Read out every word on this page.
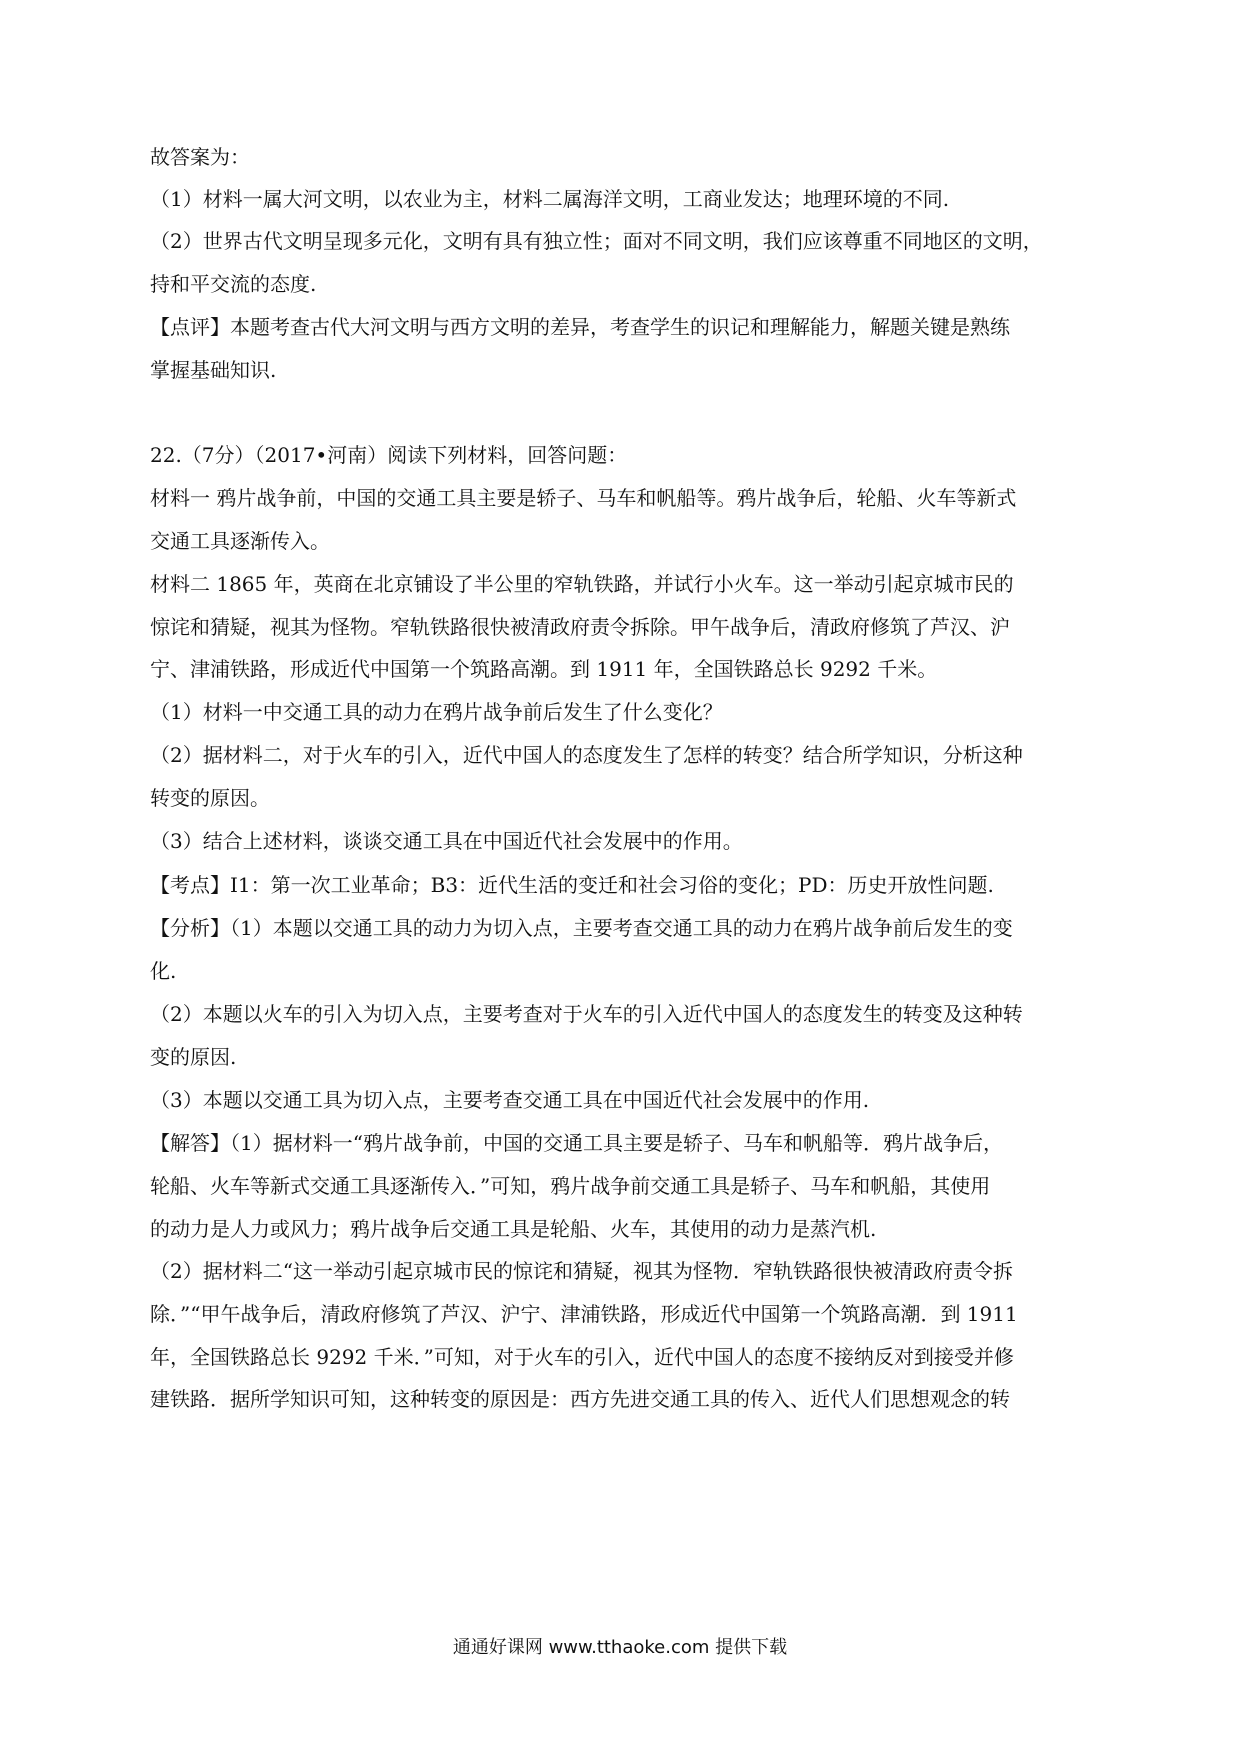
故答案为：
（1）材料一属大河文明，以农业为主，材料二属海洋文明，工商业发达；地理环境的不同.
（2）世界古代文明呈现多元化，文明有具有独立性；面对不同文明，我们应该尊重不同地区的文明，
持和平交流的态度.
【点评】本题考查古代大河文明与西方文明的差异，考查学生的识记和理解能力，解题关键是熟练
掌握基础知识.
22.（7分）（2017•河南）阅读下列材料，回答问题：
材料一 鸦片战争前，中国的交通工具主要是轿子、马车和帆船等。鸦片战争后，轮船、火车等新式
交通工具逐渐传入。
材料二 1865 年，英商在北京铺设了半公里的窄轨铁路，并试行小火车。这一举动引起京城市民的
惊诧和猜疑，视其为怪物。窄轨铁路很快被清政府责令拆除。甲午战争后，清政府修筑了芦汉、沪
宁、津浦铁路，形成近代中国第一个筑路高潮。到 1911 年，全国铁路总长 9292 千米。
（1）材料一中交通工具的动力在鸦片战争前后发生了什么变化？
（2）据材料二，对于火车的引入，近代中国人的态度发生了怎样的转变？结合所学知识，分析这种
转变的原因。
（3）结合上述材料，谈谈交通工具在中国近代社会发展中的作用。
【考点】I1：第一次工业革命；B3：近代生活的变迁和社会习俗的变化；PD：历史开放性问题.
【分析】（1）本题以交通工具的动力为切入点，主要考查交通工具的动力在鸦片战争前后发生的变
化.
（2）本题以火车的引入为切入点，主要考查对于火车的引入近代中国人的态度发生的转变及这种转
变的原因.
（3）本题以交通工具为切入点，主要考查交通工具在中国近代社会发展中的作用.
【解答】（1）据材料一“鸦片战争前，中国的交通工具主要是轿子、马车和帆船等．鸦片战争后，
轮船、火车等新式交通工具逐渐传入．”可知，鸦片战争前交通工具是轿子、马车和帆船，其使用
的动力是人力或风力；鸦片战争后交通工具是轮船、火车，其使用的动力是蒸汽机.
（2）据材料二“这一举动引起京城市民的惊诧和猜疑，视其为怪物．窄轨铁路很快被清政府责令拆
除．”“甲午战争后，清政府修筑了芦汉、沪宁、津浦铁路，形成近代中国第一个筑路高潮．到 1911
年，全国铁路总长 9292 千米．”可知，对于火车的引入，近代中国人的态度不接纳反对到接受并修
建铁路．据所学知识可知，这种转变的原因是：西方先进交通工具的传入、近代人们思想观念的转
通通好课网 www.tthaoke.com 提供下载
